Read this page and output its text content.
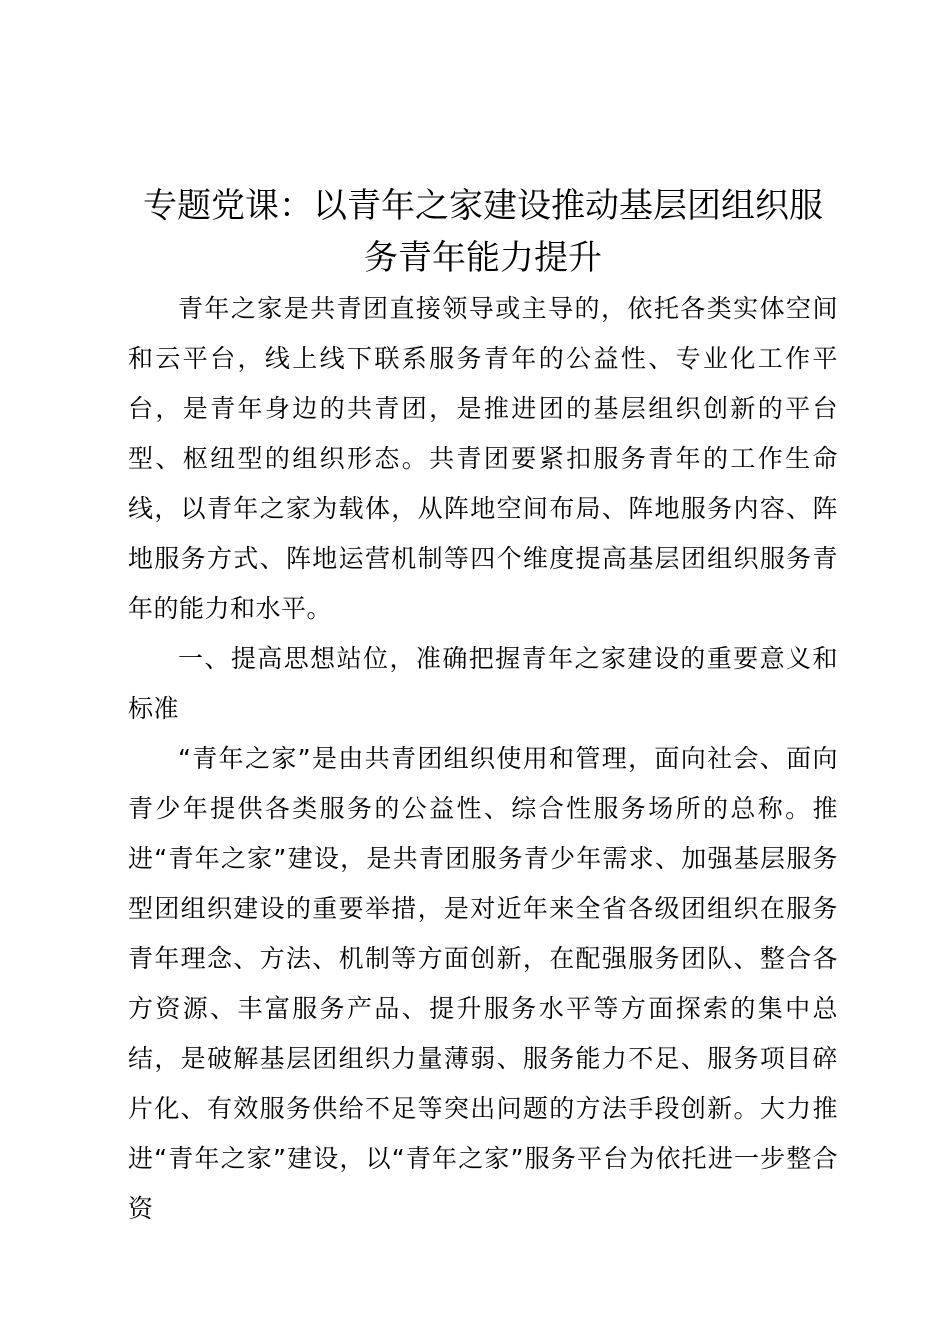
专题党课：以青年之家建设推动基层团组织服务青年能力提升

青年之家是共青团直接领导或主导的，依托各类实体空间和云平台，线上线下联系服务青年的公益性、专业化工作平台，是青年身边的共青团，是推进团的基层组织创新的平台型、枢纽型的组织形态。共青团要紧扣服务青年的工作生命线，以青年之家为载体，从阵地空间布局、阵地服务内容、阵地服务方式、阵地运营机制等四个维度提高基层团组织服务青年的能力和水平。

一、提高思想站位，准确把握青年之家建设的重要意义和标准

“青年之家”是由共青团组织使用和管理，面向社会、面向青少年提供各类服务的公益性、综合性服务场所的总称。推进“青年之家”建设，是共青团服务青少年需求、加强基层服务型团组织建设的重要举措，是对近年来全省各级团组织在服务青年理念、方法、机制等方面创新，在配强服务团队、整合各方资源、丰富服务产品、提升服务水平等方面探索的集中总结，是破解基层团组织力量薄弱、服务能力不足、服务项目碎片化、有效服务供给不足等突出问题的方法手段创新。大力推进“青年之家”建设，以“青年之家”服务平台为依托进一步整合资
